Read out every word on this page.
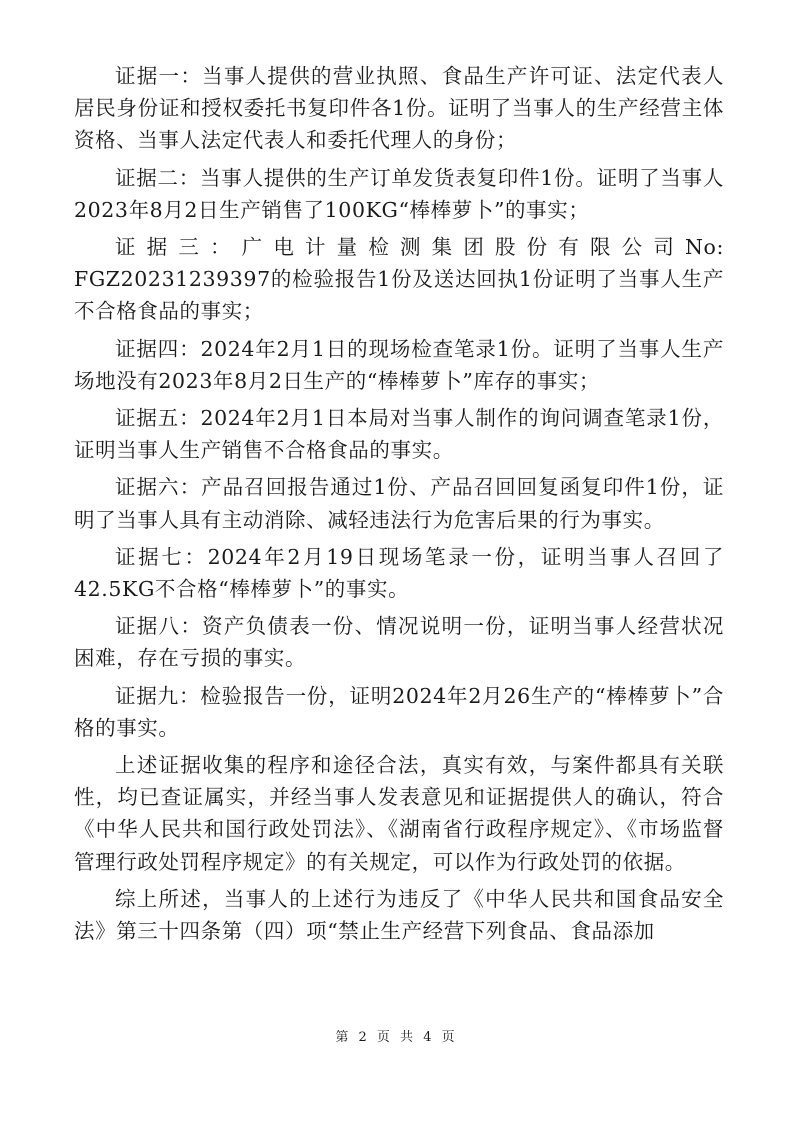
证据一：当事人提供的营业执照、食品生产许可证、法定代表人居民身份证和授权委托书复印件各1份。证明了当事人的生产经营主体资格、当事人法定代表人和委托代理人的身份；

证据二：当事人提供的生产订单发货表复印件1份。证明了当事人2023年8月2日生产销售了100KG“棒棒萝卜”的事实；

证据三：广电计量检测集团股份有限公司No: FGZ20231239397的检验报告1份及送达回执1份证明了当事人生产不合格食品的事实；

证据四：2024年2月1日的现场检查笔录1份。证明了当事人生产场地没有2023年8月2日生产的“棒棒萝卜”库存的事实；

证据五：2024年2月1日本局对当事人制作的询问调查笔录1份，证明当事人生产销售不合格食品的事实。

证据六：产品召回报告通过1份、产品召回回复函复印件1份，证明了当事人具有主动消除、减轻违法行为危害后果的行为事实。

证据七：2024年2月19日现场笔录一份，证明当事人召回了42.5KG不合格“棒棒萝卜”的事实。

证据八：资产负债表一份、情况说明一份，证明当事人经营状况困难，存在亏损的事实。

证据九：检验报告一份，证明2024年2月26生产的“棒棒萝卜”合格的事实。

上述证据收集的程序和途径合法，真实有效，与案件都具有关联性，均已查证属实，并经当事人发表意见和证据提供人的确认，符合《中华人民共和国行政处罚法》、《湖南省行政程序规定》、《市场监督管理行政处罚程序规定》的有关规定，可以作为行政处罚的依据。

综上所述，当事人的上述行为违反了《中华人民共和国食品安全法》第三十四条第（四）项“禁止生产经营下列食品、食品添加

第 2 页 共 4 页
